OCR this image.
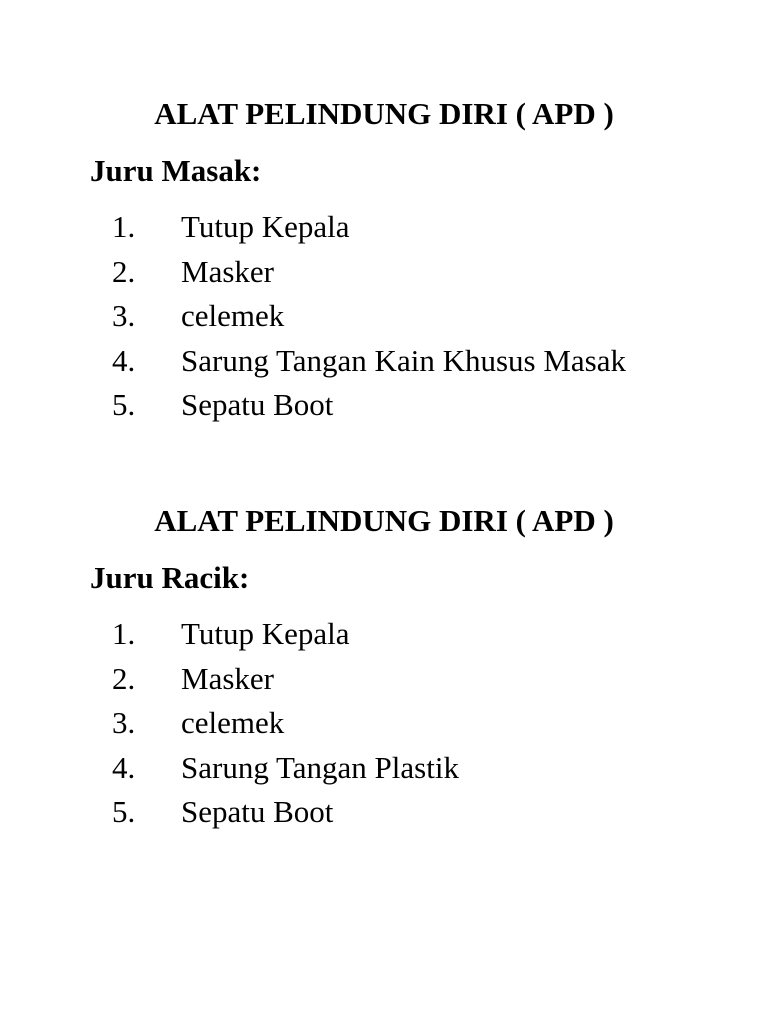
ALAT PELINDUNG DIRI ( APD )
Juru Masak:
1. Tutup Kepala
2. Masker
3. celemek
4. Sarung Tangan Kain Khusus Masak
5. Sepatu Boot
ALAT PELINDUNG DIRI ( APD )
Juru Racik:
1. Tutup Kepala
2. Masker
3. celemek
4. Sarung Tangan Plastik
5. Sepatu Boot
